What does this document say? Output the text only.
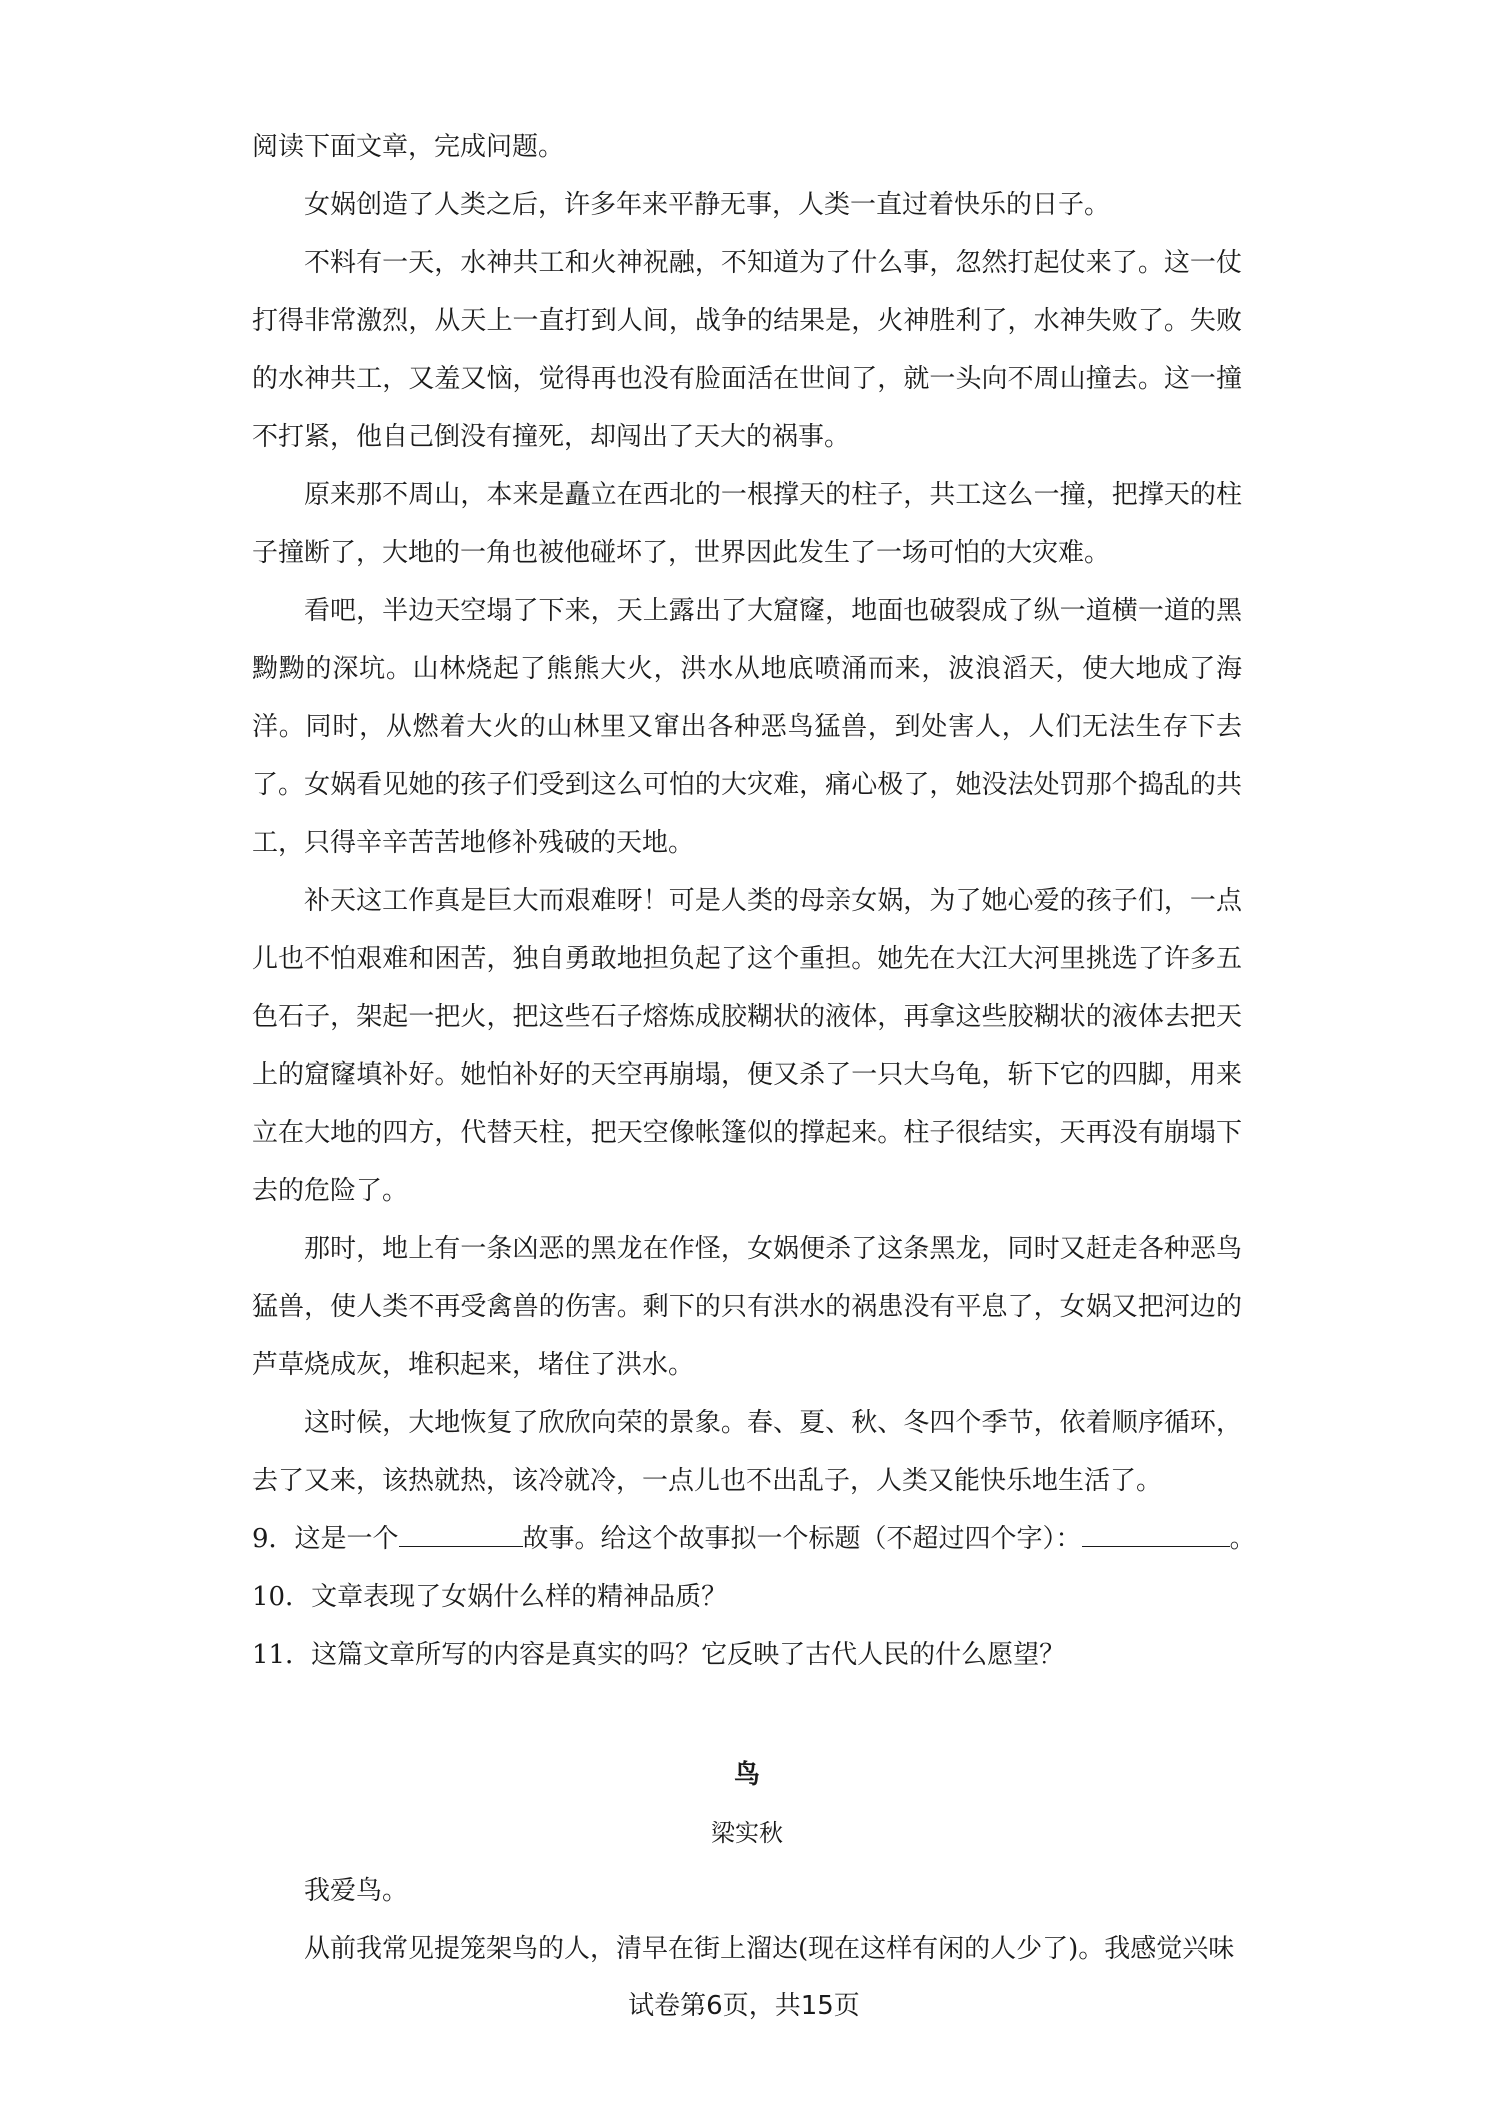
阅读下面文章，完成问题。

女娲创造了人类之后，许多年来平静无事，人类一直过着快乐的日子。

不料有一天，水神共工和火神祝融，不知道为了什么事，忽然打起仗来了。这一仗打得非常激烈，从天上一直打到人间，战争的结果是，火神胜利了，水神失败了。失败的水神共工，又羞又恼，觉得再也没有脸面活在世间了，就一头向不周山撞去。这一撞不打紧，他自己倒没有撞死，却闯出了天大的祸事。

原来那不周山，本来是矗立在西北的一根撑天的柱子，共工这么一撞，把撑天的柱子撞断了，大地的一角也被他碰坏了，世界因此发生了一场可怕的大灾难。

看吧，半边天空塌了下来，天上露出了大窟窿，地面也破裂成了纵一道横一道的黑黝黝的深坑。山林烧起了熊熊大火，洪水从地底喷涌而来，波浪滔天，使大地成了海洋。同时，从燃着大火的山林里又窜出各种恶鸟猛兽，到处害人，人们无法生存下去了。女娲看见她的孩子们受到这么可怕的大灾难，痛心极了，她没法处罚那个捣乱的共工，只得辛辛苦苦地修补残破的天地。

补天这工作真是巨大而艰难呀！可是人类的母亲女娲，为了她心爱的孩子们，一点儿也不怕艰难和困苦，独自勇敢地担负起了这个重担。她先在大江大河里挑选了许多五色石子，架起一把火，把这些石子熔炼成胶糊状的液体，再拿这些胶糊状的液体去把天上的窟窿填补好。她怕补好的天空再崩塌，便又杀了一只大乌龟，斩下它的四脚，用来立在大地的四方，代替天柱，把天空像帐篷似的撑起来。柱子很结实，天再没有崩塌下去的危险了。

那时，地上有一条凶恶的黑龙在作怪，女娲便杀了这条黑龙，同时又赶走各种恶鸟猛兽，使人类不再受禽兽的伤害。剩下的只有洪水的祸患没有平息了，女娲又把河边的芦草烧成灰，堆积起来，堵住了洪水。

这时候，大地恢复了欣欣向荣的景象。春、夏、秋、冬四个季节，依着顺序循环，去了又来，该热就热，该冷就冷，一点儿也不出乱子，人类又能快乐地生活了。

9．这是一个	故事。给这个故事拟一个标题（不超过四个字）：	。
10．文章表现了女娲什么样的精神品质？
11．这篇文章所写的内容是真实的吗？它反映了古代人民的什么愿望？
鸟
梁实秋

我爱鸟。

从前我常见提笼架鸟的人，清早在街上溜达(现在这样有闲的人少了)。我感觉兴味

试卷第6页，共15页
